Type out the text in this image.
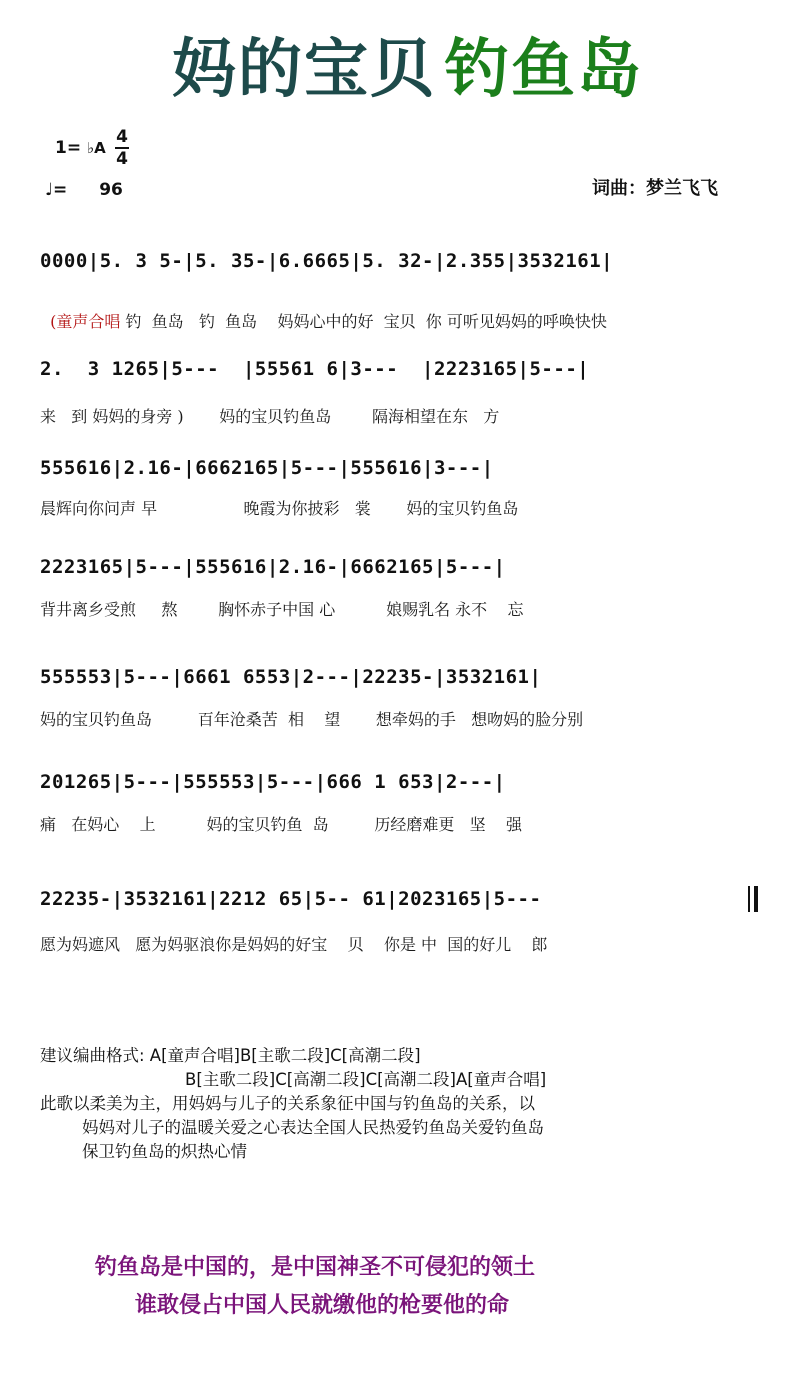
妈的宝贝 钓鱼岛
1= ♭A
4
4
♩= 96	词曲：梦兰飞飞
0000|5. 3 5-|5. 35-|6.6665|5. 32-|2.355|3532161|

(童声合唱 钓  鱼岛   钓  鱼岛    妈妈心中的好  宝贝  你 可听见妈妈的呼唤快快

2.  3 1265|5---  |55561 6|3---  |2223165|5---|
来   到 妈妈的身旁 )       妈的宝贝钓鱼岛        隔海相望在东   方
555616|2.16-|6662165|5---|555616|3---|
晨辉向你问声 早                 晚霞为你披彩   裳       妈的宝贝钓鱼岛
2223165|5---|555616|2.16-|6662165|5---|
背井离乡受煎     熬        胸怀赤子中国 心          娘赐乳名 永不    忘
555553|5---|6661 6553|2---|22235-|3532161|
妈的宝贝钓鱼岛         百年沧桑苦  相    望       想牵妈的手   想吻妈的脸分别
201265|5---|555553|5---|666 1 653|2---|
痛   在妈心    上          妈的宝贝钓鱼  岛         历经磨难更   坚    强
22235-|3532161|2212 65|5-- 61|2023165|5---
愿为妈遮风   愿为妈驱浪你是妈妈的好宝    贝    你是 中  国的好儿    郎
建议编曲格式: A[童声合唱]B[主歌二段]C[高潮二段]
B[主歌二段]C[高潮二段]C[高潮二段]A[童声合唱]
此歌以柔美为主，用妈妈与儿子的关系象征中国与钓鱼岛的关系，以
妈妈对儿子的温暖关爱之心表达全国人民热爱钓鱼岛关爱钓鱼岛
保卫钓鱼岛的炽热心情
钓鱼岛是中国的，是中国神圣不可侵犯的领土
谁敢侵占中国人民就缴他的枪要他的命
